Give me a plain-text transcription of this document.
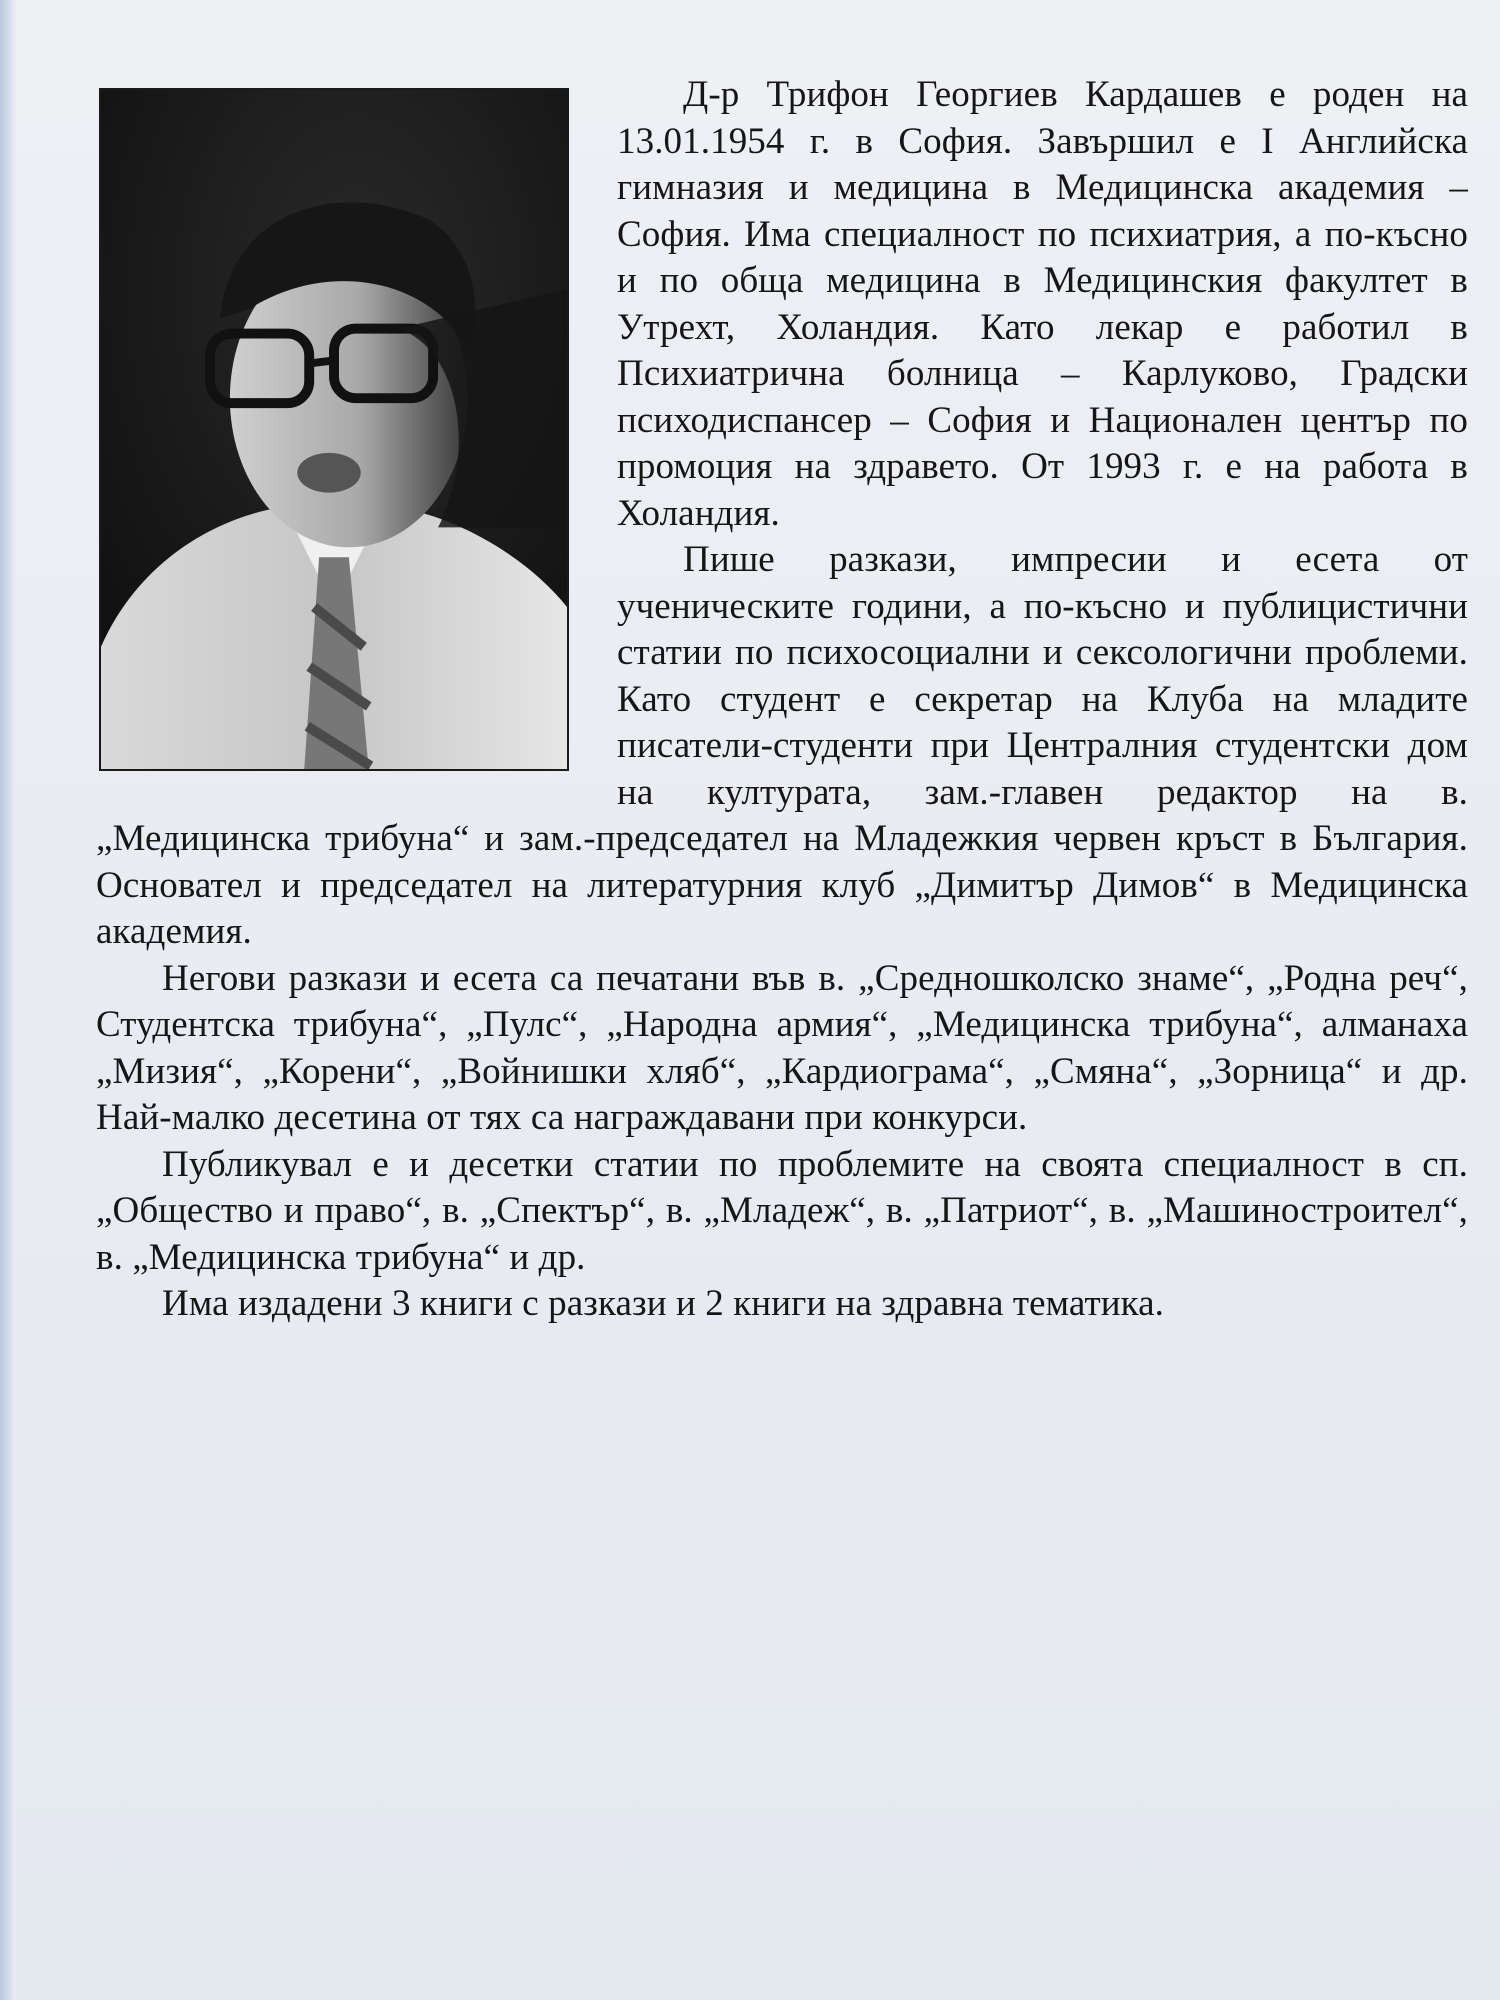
Д-р Трифон Георгиев Кардашев е роден на 13.01.1954 г. в София. Завършил е I Английска гимназия и медицина в Медицинска академия – София. Има специалност по психиатрия, а по-късно и по обща медицина в Медицинския факултет в Утрехт, Холандия. Като лекар е работил в Психиатрична болница – Карлуково, Градски психодиспансер – София и Национален център по промоция на здравето. От 1993 г. е на работа в Холандия.

Пише разкази, импресии и есета от ученическите години, а по-късно и публицистични статии по психосоциални и сексологични проблеми. Като студент е секретар на Клуба на младите писатели-студенти при Централния студентски дом на културата, зам.-главен редактор на в. „Медицинска трибуна“ и зам.-председател на Младежкия червен кръст в България. Основател и председател на литературния клуб „Димитър Димов“ в Медицинска академия.

Негови разкази и есета са печатани във в. „Средношколско знаме“, „Родна реч“, Студентска трибуна“, „Пулс“, „Народна армия“, „Медицинска трибуна“, алманаха „Мизия“, „Корени“, „Войнишки хляб“, „Кардиограма“, „Смяна“, „Зорница“ и др. Най-малко десетина от тях са награждавани при конкурси.

Публикувал е и десетки статии по проблемите на своята специалност в сп. „Общество и право“, в. „Спектър“, в. „Младеж“, в. „Патриот“, в. „Машиностроител“, в. „Медицинска трибуна“ и др.

Има издадени 3 книги с разкази и 2 книги на здравна тематика.
